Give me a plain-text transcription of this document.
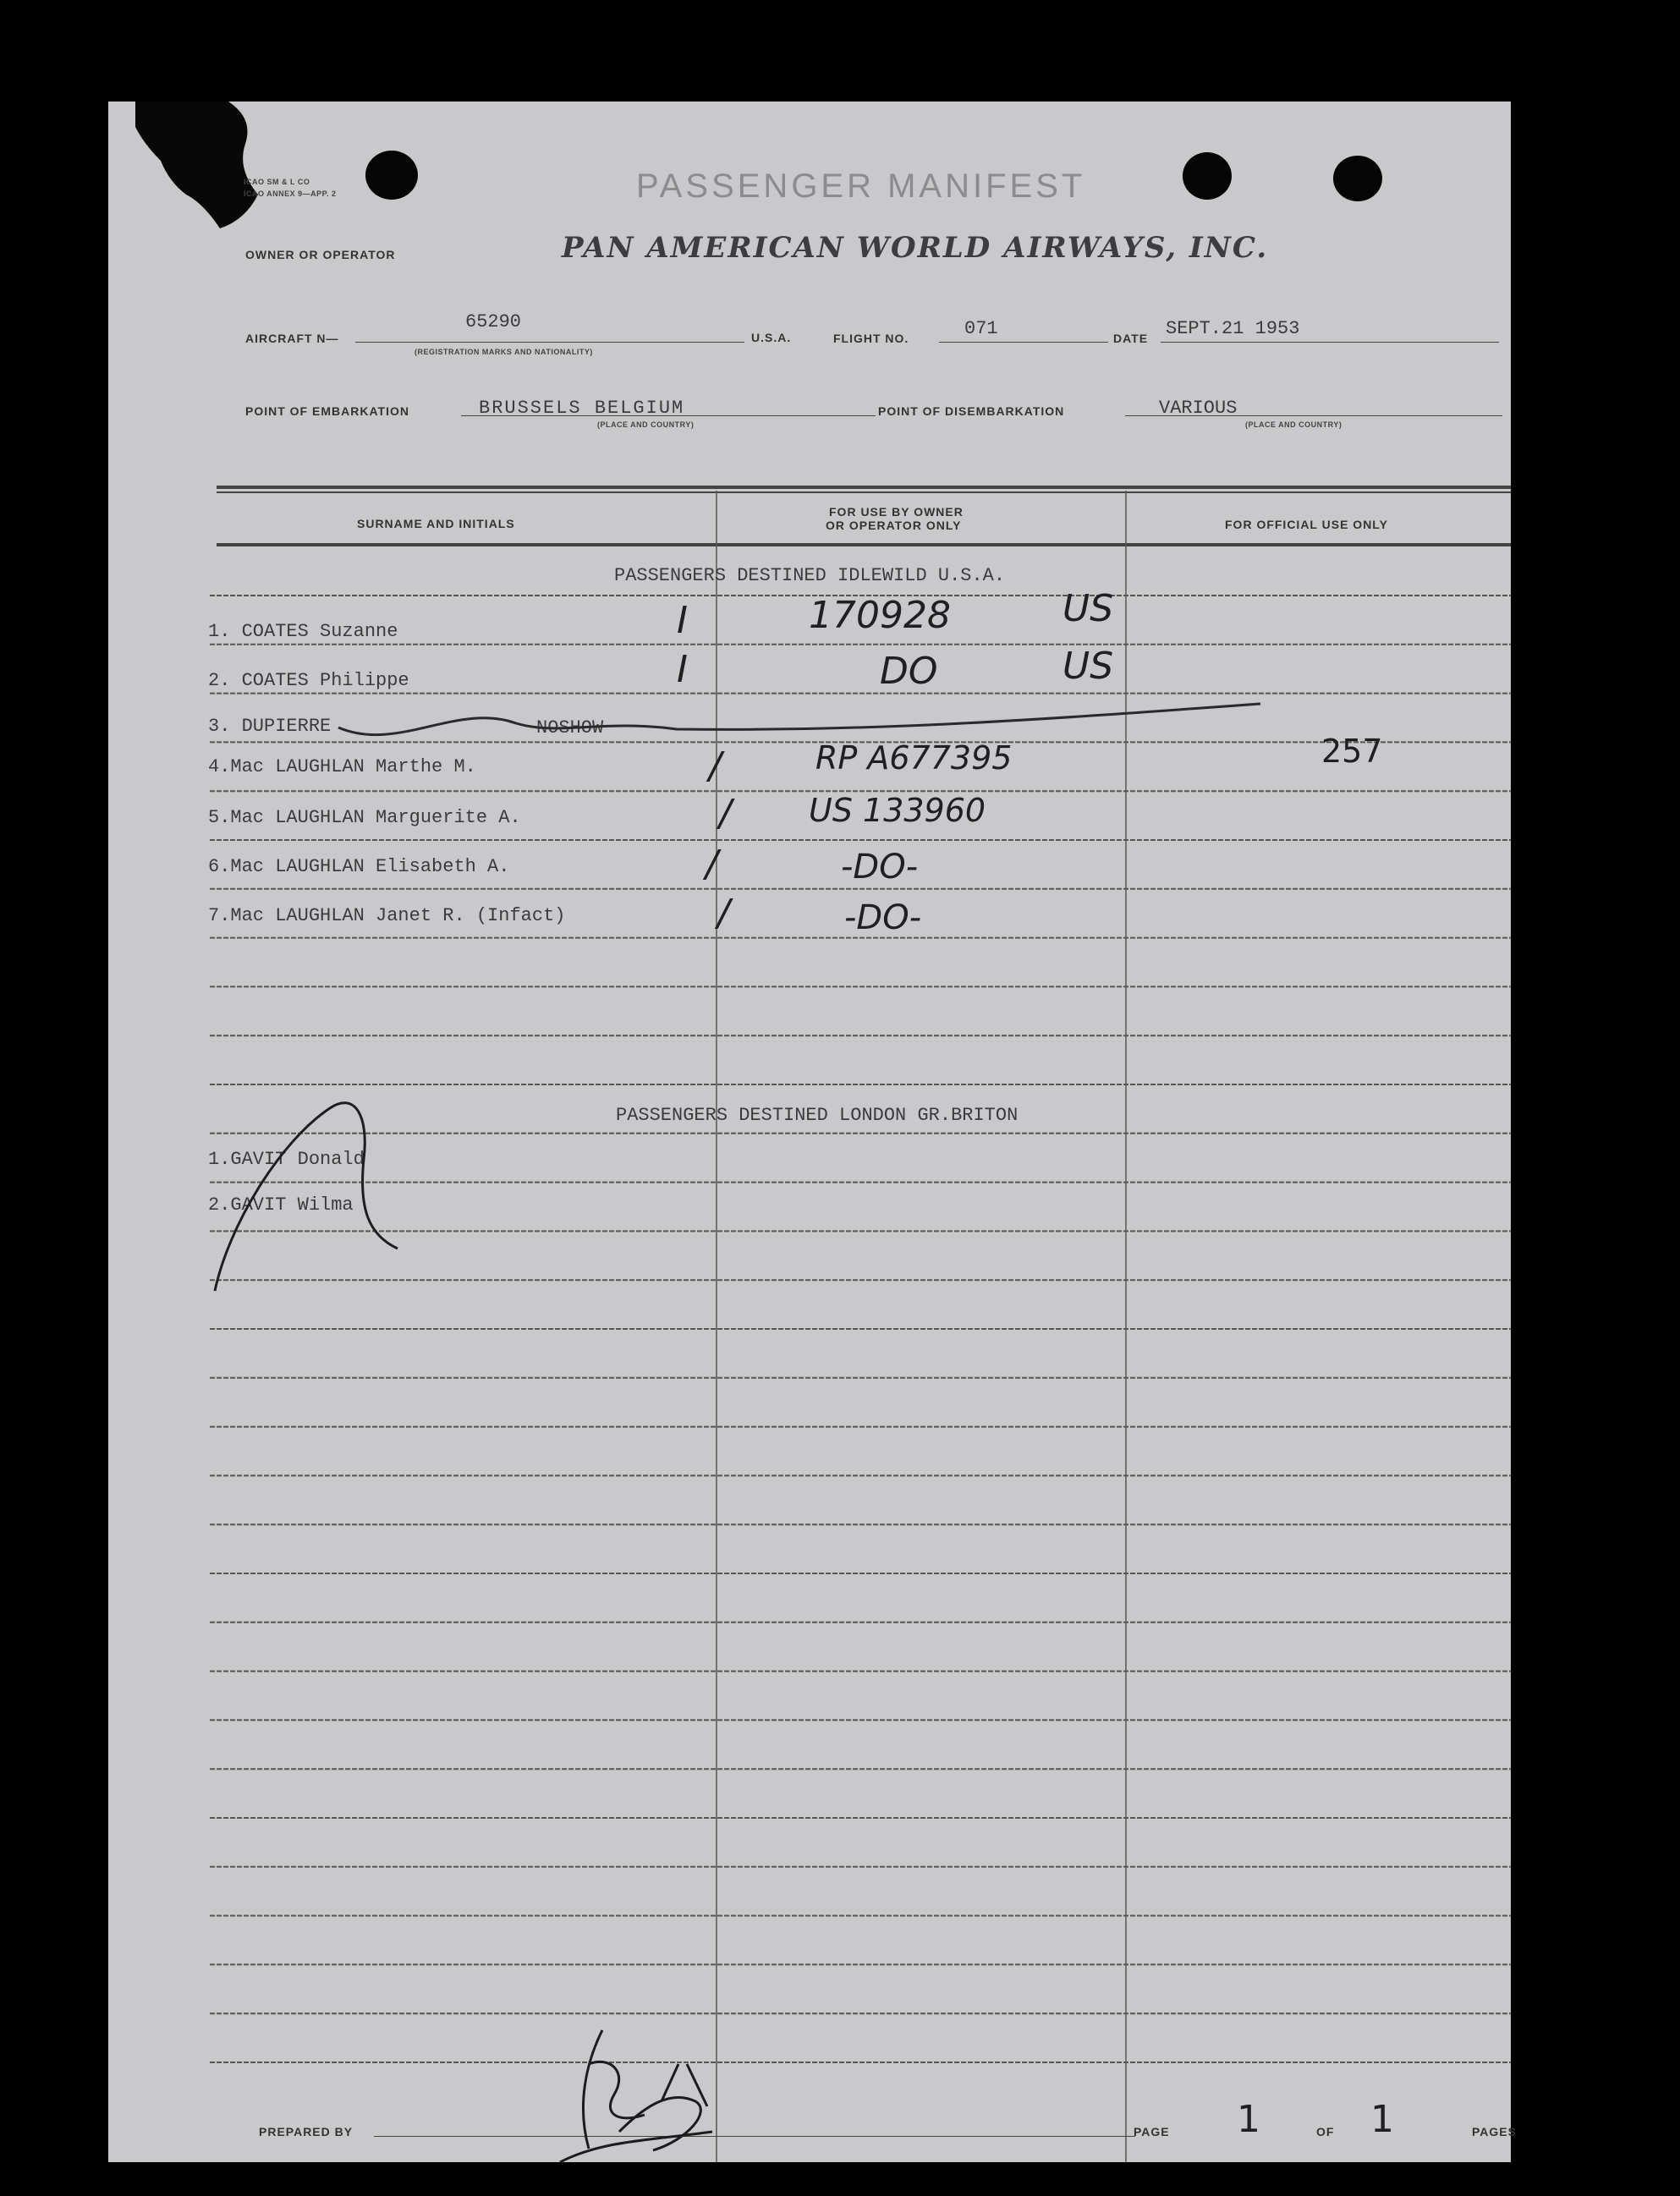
ICAO SM & L CO
ICAO ANNEX 9—APP. 2	PASSENGER MANIFEST
OWNER OR OPERATOR	PAN AMERICAN WORLD AIRWAYS, INC.
AIRCRAFT N—
65290
(REGISTRATION MARKS AND NATIONALITY)
U.S.A.	FLIGHT NO.	071	DATE SEPT.21 1953
POINT OF EMBARKATION	BRUSSELS BELGIUM
(PLACE AND COUNTRY)
POINT OF DISEMBARKATION	VARIOUS
(PLACE AND COUNTRY)
SURNAME AND INITIALS
FOR USE BY OWNER
OR OPERATOR ONLY	FOR OFFICIAL USE ONLY
PASSENGERS DESTINED IDLEWILD U.S.A.
1. COATES Suzanne	I	170928	US
2. COATES Philippe	I	DO	US
3. DUPIERRE	NOSHOW
4.Mac LAUGHLAN Marthe M.	/	RP A677395	257
5.Mac LAUGHLAN Marguerite A.	/ US 133960
6.Mac LAUGHLAN Elisabeth A.	/	-DO-
7.Mac LAUGHLAN Janet R. (Infact)	/	-DO-
PASSENGERS DESTINED LONDON GR.BRITON
1.GAVIT Donald
2.GAVIT Wilma
PREPARED BY	PAGE 1	OF 1	PAGES
